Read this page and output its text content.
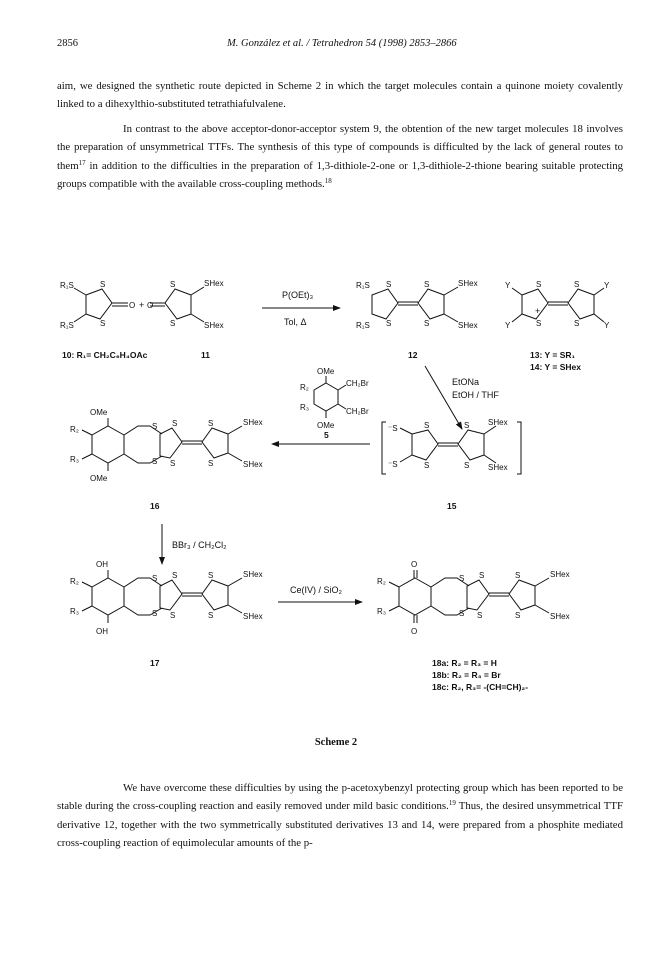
2856	M. González et al. / Tetrahedron 54 (1998) 2853–2866

aim, we designed the synthetic route depicted in Scheme 2 in which the target molecules contain a quinone moiety covalently linked to a dihexylthio-substituted tetrathiafulvalene.

In contrast to the above acceptor-donor-acceptor system 9, the obtention of the new target molecules 18 involves the preparation of unsymmetrical TTFs. The synthesis of this type of compounds is difficulted by the lack of general routes to them$^{17}$ in addition to the difficulties in the preparation of 1,3-dithiole-2-one or 1,3-dithiole-2-thione bearing suitable protecting groups compatible with the available cross-coupling methods.$^{18}$

R₁S
R₁S
S
S
O + O
S
S
SHex
SHex
P(OEt)₃
Tol, Δ
R₁S
R₁S
S
S
S
S
SHex
SHex
+
Y
Y
Y
Y
S
S
S
S
10: R₁= CH₂C₆H₄OAc	11	12	13: Y = SR₁
14: Y = SHex
OMe
OMe
R₂
R₃
CH₂Br
CH₂Br
5
EtONa
EtOH / THF
OMe
OMe
R₂
R₃
S
S
S
S
S
S
SHex
SHex
16
⁻S
⁻S
S
S
S
S
SHex
SHex
15
BBr₃ / CH₂Cl₂
OH
OH
R₂
R₃
S
S
S
S
S
S
SHex
SHex
17
Ce(IV) / SiO₂
O
O
R₂
R₃
S
S
S
S
S
S
SHex
SHex
18a: R₂ = R₃ = H
18b: R₂ = R₃ = Br
18c: R₂, R₃= -(CH=CH)₂-
Scheme 2

We have overcome these difficulties by using the p-acetoxybenzyl protecting group which has been reported to be stable during the cross-coupling reaction and easily removed under mild basic conditions.$^{19}$ Thus, the desired unsymmetrical TTF derivative 12, together with the two symmetrically substituted derivatives 13 and 14, were prepared from a phosphite mediated cross-coupling reaction of equimolecular amounts of the p-
